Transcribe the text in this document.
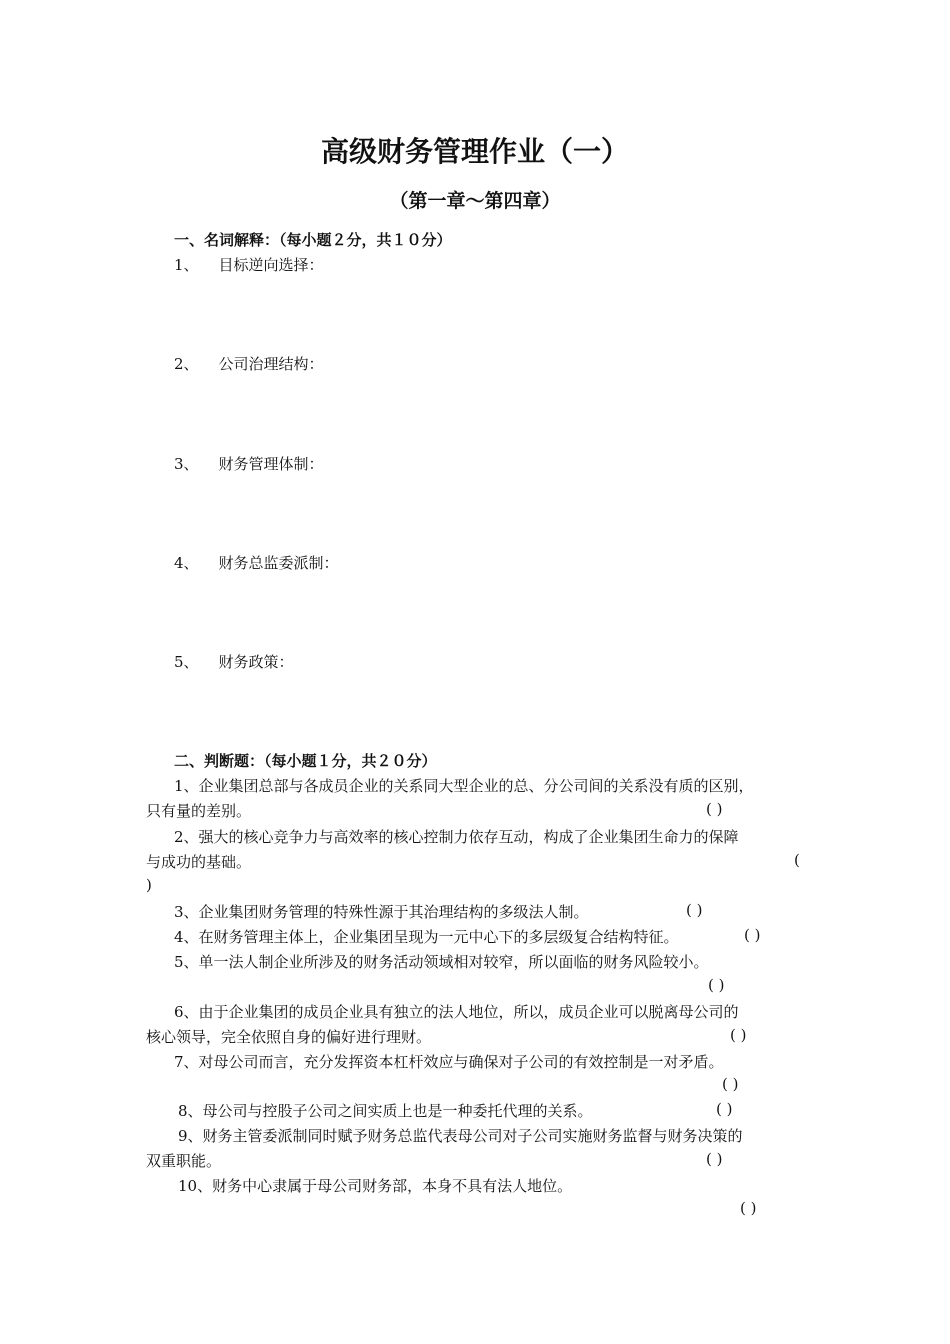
高级财务管理作业（一）
（第一章～第四章）
一、名词解释：（每小题２分，共１０分）
1、 目标逆向选择：
2、 公司治理结构：
3、 财务管理体制：
4、 财务总监委派制：
5、 财务政策：
二、判断题：（每小题１分，共２０分）
1、企业集团总部与各成员企业的关系同大型企业的总、分公司间的关系没有质的区别，
只有量的差别。	( )
2、强大的核心竞争力与高效率的核心控制力依存互动，构成了企业集团生命力的保障
与成功的基础。	(
)
3、企业集团财务管理的特殊性源于其治理结构的多级法人制。	( )
4、在财务管理主体上，企业集团呈现为一元中心下的多层级复合结构特征。	( )
5、单一法人制企业所涉及的财务活动领域相对较窄，所以面临的财务风险较小。
( )
6、由于企业集团的成员企业具有独立的法人地位，所以，成员企业可以脱离母公司的
核心领导，完全依照自身的偏好进行理财。	( )
7、对母公司而言，充分发挥资本杠杆效应与确保对子公司的有效控制是一对矛盾。
( )
8、母公司与控股子公司之间实质上也是一种委托代理的关系。	( )
9、财务主管委派制同时赋予财务总监代表母公司对子公司实施财务监督与财务决策的
双重职能。	( )
10、财务中心隶属于母公司财务部，本身不具有法人地位。
( )
